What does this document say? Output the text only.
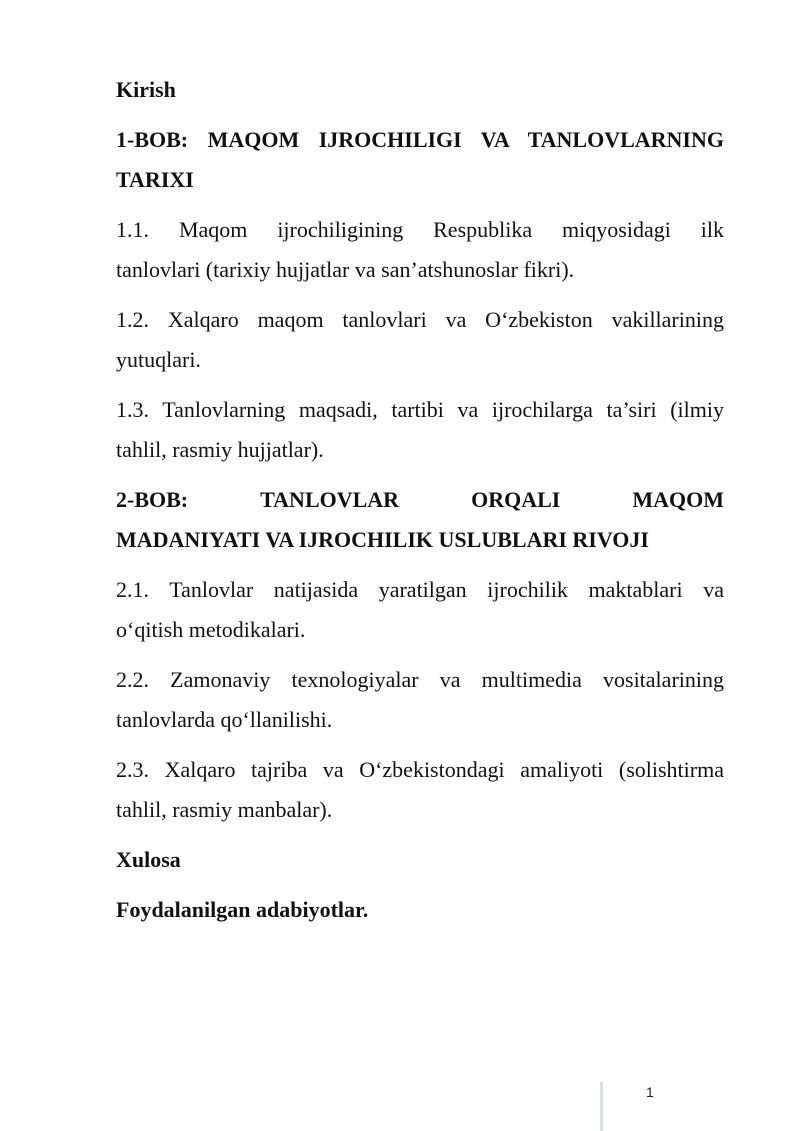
Kirish
1-BOB: MAQOM IJROCHILIGI VA TANLOVLARNING
TARIXI
1.1. Maqom ijrochiligining Respublika miqyosidagi ilk
tanlovlari (tarixiy hujjatlar va san’atshunoslar fikri).
1.2. Xalqaro maqom tanlovlari va O‘zbekiston vakillarining
yutuqlari.
1.3. Tanlovlarning maqsadi, tartibi va ijrochilarga ta’siri (ilmiy
tahlil, rasmiy hujjatlar).
2-BOB:	TANLOVLAR	ORQALI	MAQOM
MADANIYATI VA IJROCHILIK USLUBLARI RIVOJI
2.1. Tanlovlar natijasida yaratilgan ijrochilik maktablari va
o‘qitish metodikalari.
2.2. Zamonaviy texnologiyalar va multimedia vositalarining
tanlovlarda qo‘llanilishi.
2.3. Xalqaro tajriba va O‘zbekistondagi amaliyoti (solishtirma
tahlil, rasmiy manbalar).
Xulosa
Foydalanilgan adabiyotlar.
1
